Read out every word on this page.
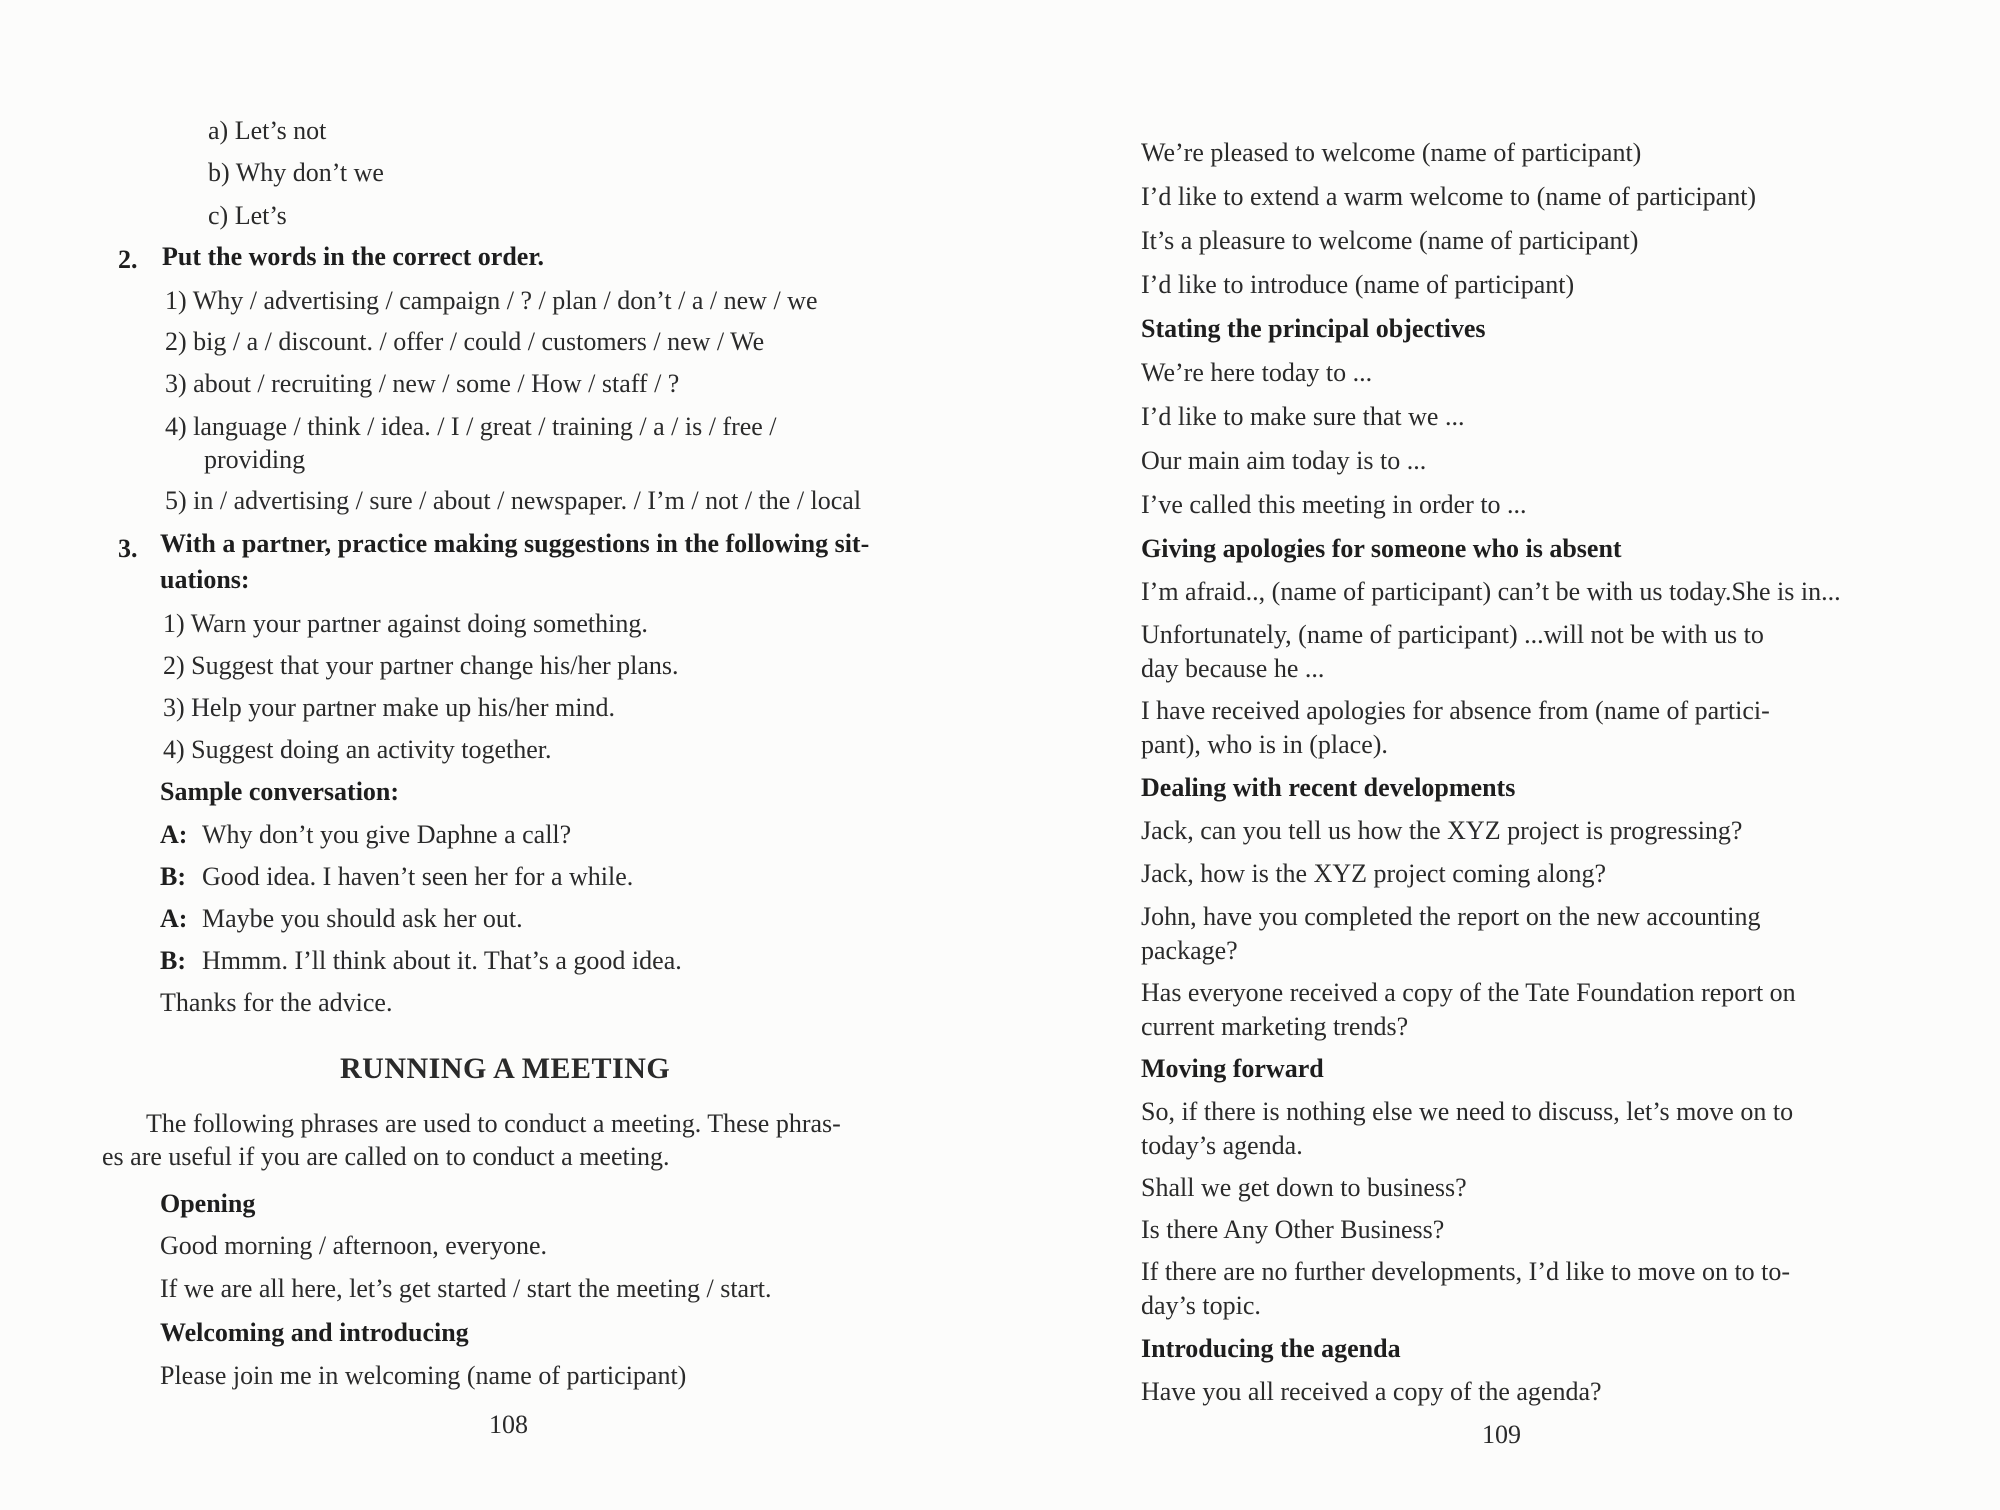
a) Let’s not
b) Why don’t we
c) Let’s
2. Put the words in the correct order.
1) Why / advertising / campaign / ? / plan / don’t / a / new / we
2) big / a / discount. / offer / could / customers / new / We
3) about / recruiting / new / some / How / staff / ?
4) language / think / idea. / I / great / training / a / is / free /
providing
5) in / advertising / sure / about / newspaper. / I’m / not / the / local
3. With a partner, practice making suggestions in the following sit-
uations:
1) Warn your partner against doing something.
2) Suggest that your partner change his/her plans.
3) Help your partner make up his/her mind.
4) Suggest doing an activity together.
Sample conversation:
A: Why don’t you give Daphne a call?
B: Good idea. I haven’t seen her for a while.
A: Maybe you should ask her out.
B: Hmmm. I’ll think about it. That’s a good idea.
Thanks for the advice.
RUNNING A MEETING
The following phrases are used to conduct a meeting. These phras-
es are useful if you are called on to conduct a meeting.
Opening
Good morning / afternoon, everyone.
If we are all here, let’s get started / start the meeting / start.
Welcoming and introducing
Please join me in welcoming (name of participant)
108
We’re pleased to welcome (name of participant)
I’d like to extend a warm welcome to (name of participant)
It’s a pleasure to welcome (name of participant)
I’d like to introduce (name of participant)
Stating the principal objectives
We’re here today to ...
I’d like to make sure that we ...
Our main aim today is to ...
I’ve called this meeting in order to ...
Giving apologies for someone who is absent
I’m afraid.., (name of participant) can’t be with us today.She is in...
Unfortunately, (name of participant) ...will not be with us to
day because he ...
I have received apologies for absence from (name of partici-
pant), who is in (place).
Dealing with recent developments
Jack, can you tell us how the XYZ project is progressing?
Jack, how is the XYZ project coming along?
John, have you completed the report on the new accounting
package?
Has everyone received a copy of the Tate Foundation report on
current marketing trends?
Moving forward
So, if there is nothing else we need to discuss, let’s move on to
today’s agenda.
Shall we get down to business?
Is there Any Other Business?
If there are no further developments, I’d like to move on to to-
day’s topic.
Introducing the agenda
Have you all received a copy of the agenda?
109
